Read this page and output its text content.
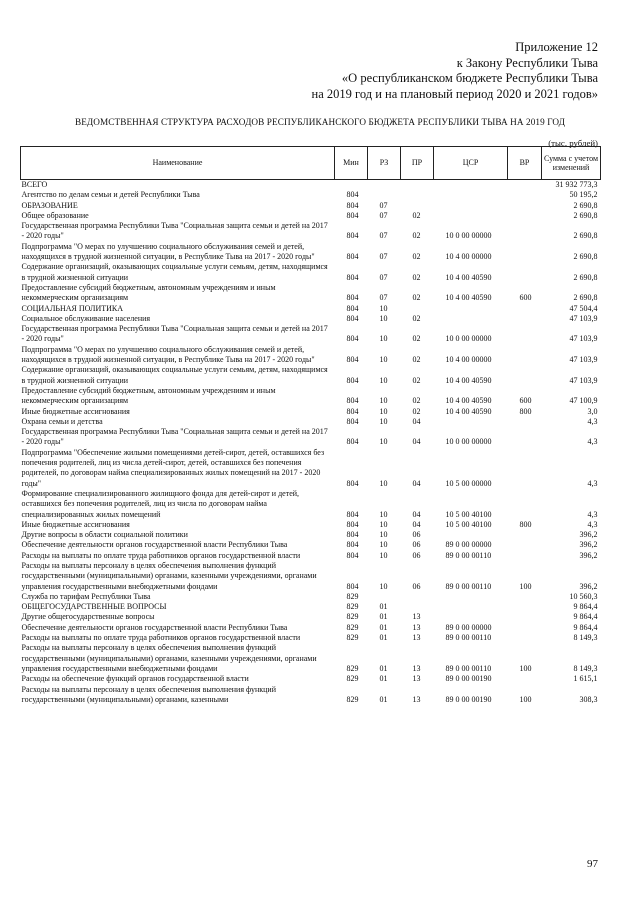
Приложение 12
к Закону Республики Тыва
«О республиканском бюджете Республики Тыва
на 2019 год и на плановый период 2020 и 2021 годов»
ВЕДОМСТВЕННАЯ СТРУКТУРА РАСХОДОВ РЕСПУБЛИКАНСКОГО БЮДЖЕТА РЕСПУБЛИКИ ТЫВА НА 2019 ГОД
(тыс. рублей)
Наименование	Мин	РЗ	ПР	ЦСР	ВР	Сумма с учетом изменений
ВСЕГО						31 932 773,3
Агентство по делам семьи и детей Республики Тыва	804					50 195,2
ОБРАЗОВАНИЕ	804	07				2 690,8
Общее образование	804	07	02			2 690,8
Государственная программа Республики Тыва "Социальная защита семьи и детей на 2017 - 2020 годы"	804	07	02	10 0 00 00000		2 690,8
Подпрограмма "О мерах по улучшению социального обслуживания семей и детей, находящихся в трудной жизненной ситуации, в Республике Тыва на 2017 - 2020 годы"	804	07	02	10 4 00 00000		2 690,8
Содержание организаций, оказывающих социальные услуги семьям, детям, находящимся в трудной жизненной ситуации	804	07	02	10 4 00 40590		2 690,8
Предоставление субсидий бюджетным, автономным учреждениям и иным некоммерческим организациям	804	07	02	10 4 00 40590	600	2 690,8
СОЦИАЛЬНАЯ ПОЛИТИКА	804	10				47 504,4
Социальное обслуживание населения	804	10	02			47 103,9
Государственная программа Республики Тыва "Социальная защита семьи и детей на 2017 - 2020 годы"	804	10	02	10 0 00 00000		47 103,9
Подпрограмма "О мерах по улучшению социального обслуживания семей и детей, находящихся в трудной жизненной ситуации, в Республике Тыва на 2017 - 2020 годы"	804	10	02	10 4 00 00000		47 103,9
Содержание организаций, оказывающих социальные услуги семьям, детям, находящимся в трудной жизненной ситуации	804	10	02	10 4 00 40590		47 103,9
Предоставление субсидий бюджетным, автономным учреждениям и иным некоммерческим организациям	804	10	02	10 4 00 40590	600	47 100,9
Иные бюджетные ассигнования	804	10	02	10 4 00 40590	800	3,0
Охрана семьи и детства	804	10	04			4,3
Государственная программа Республики Тыва "Социальная защита семьи и детей на 2017 - 2020 годы"	804	10	04	10 0 00 00000		4,3
Подпрограмма "Обеспечение жилыми помещениями детей-сирот, детей, оставшихся без попечения родителей, лиц из числа детей-сирот, детей, оставшихся без попечения родителей, по договорам найма специализированных жилых помещений на 2017 - 2020 годы"	804	10	04	10 5 00 00000		4,3
Формирование специализированного жилищного фонда для детей-сирот и детей, оставшихся без попечения родителей, лиц из числа по договорам найма специализированных жилых помещений	804	10	04	10 5 00 40100		4,3
Иные бюджетные ассигнования	804	10	04	10 5 00 40100	800	4,3
Другие вопросы в области социальной политики	804	10	06			396,2
Обеспечение деятельности органов государственной власти Республики Тыва	804	10	06	89 0 00 00000		396,2
Расходы на выплаты по оплате труда работников органов государственной власти	804	10	06	89 0 00 00110		396,2
Расходы на выплаты персоналу в целях обеспечения выполнения функций государственными (муниципальными) органами, казенными учреждениями, органами управления государственными внебюджетными фондами	804	10	06	89 0 00 00110	100	396,2
Служба по тарифам Республики Тыва	829					10 560,3
ОБЩЕГОСУДАРСТВЕННЫЕ ВОПРОСЫ	829	01				9 864,4
Другие общегосударственные вопросы	829	01	13			9 864,4
Обеспечение деятельности органов государственной власти Республики Тыва	829	01	13	89 0 00 00000		9 864,4
Расходы на выплаты по оплате труда работников органов государственной власти	829	01	13	89 0 00 00110		8 149,3
Расходы на выплаты персоналу в целях обеспечения выполнения функций государственными (муниципальными) органами, казенными учреждениями, органами управления государственными внебюджетными фондами	829	01	13	89 0 00 00110	100	8 149,3
Расходы на обеспечение функций органов государственной власти	829	01	13	89 0 00 00190		1 615,1
Расходы на выплаты персоналу в целях обеспечения выполнения функций государственными (муниципальными) органами, казенными	829	01	13	89 0 00 00190	100	308,3
97
